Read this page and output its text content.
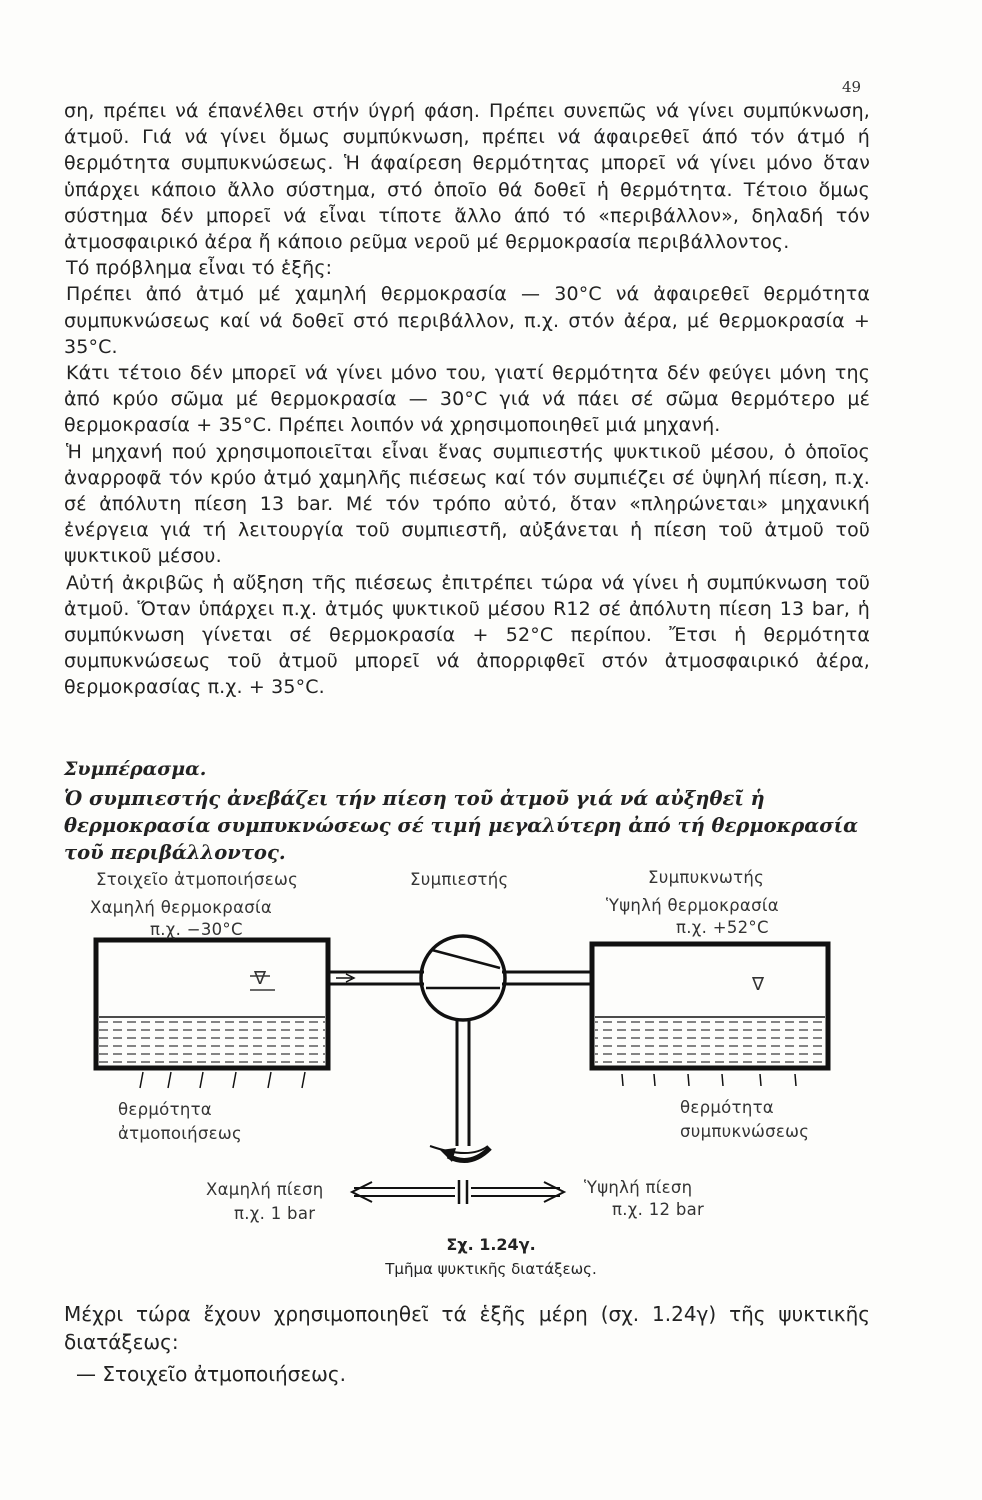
49

ση, πρέπει νά έπανέλθει στήν ύγρή φάση. Πρέπει συνεπῶς νά γίνει συμπύκνωση, άτμοῦ. Γιά νά γίνει ὅμως συμπύκνωση, πρέπει νά άφαιρεθεῖ άπό τόν άτμό ή θερμότητα συμπυκνώσεως. Ἡ άφαίρεση θερμότητας μπορεῖ νά γίνει μόνο ὅταν ὑπάρχει κάποιο ἄλλο σύστημα, στό ὁποῖο θά δοθεῖ ἡ θερμότητα. Τέτοιο ὅμως σύστημα δέν μπορεῖ νά εἶναι τίποτε ἄλλο άπό τό «περιβάλλον», δηλαδή τόν ἀτμοσφαιρικό ἀέρα ἤ κάποιο ρεῦμα νεροῦ μέ θερμοκρασία περιβάλλοντος.

Τό πρόβλημα εἶναι τό ἑξῆς:

Πρέπει ἀπό ἀτμό μέ χαμηλή θερμοκρασία — 30°C νά ἀφαιρεθεῖ θερμότητα συμπυκνώσεως καί νά δοθεῖ στό περιβάλλον, π.χ. στόν ἀέρα, μέ θερμοκρασία + 35°C.

Κάτι τέτοιο δέν μπορεῖ νά γίνει μόνο του, γιατί θερμότητα δέν φεύγει μόνη της ἀπό κρύο σῶμα μέ θερμοκρασία — 30°C γιά νά πάει σέ σῶμα θερμότερο μέ θερμοκρασία + 35°C. Πρέπει λοιπόν νά χρησιμοποιηθεῖ μιά μηχανή.

Ἡ μηχανή πού χρησιμοποιεῖται εἶναι ἕνας συμπιεστής ψυκτικοῦ μέσου, ὁ ὁποῖος ἀναρροφᾶ τόν κρύο ἀτμό χαμηλῆς πιέσεως καί τόν συμπιέζει σέ ὑψηλή πίεση, π.χ. σέ ἀπόλυτη πίεση 13 bar. Μέ τόν τρόπο αὐτό, ὅταν «πληρώνεται» μηχανική ἐνέργεια γιά τή λειτουργία τοῦ συμπιεστῆ, αὐξάνεται ἡ πίεση τοῦ ἀτμοῦ τοῦ ψυκτικοῦ μέσου.

Αὐτή ἀκριβῶς ἡ αὔξηση τῆς πιέσεως ἐπιτρέπει τώρα νά γίνει ἡ συμπύκνωση τοῦ ἀτμοῦ. Ὅταν ὑπάρχει π.χ. ἀτμός ψυκτικοῦ μέσου R12 σέ ἀπόλυτη πίεση 13 bar, ἡ συμπύκνωση γίνεται σέ θερμοκρασία + 52°C περίπου. Ἔτσι ἡ θερμότητα συμπυκνώσεως τοῦ ἀτμοῦ μπορεῖ νά ἀπορριφθεῖ στόν ἀτμοσφαιρικό ἀέρα, θερμοκρασίας π.χ. + 35°C.

Συμπέρασμα.
Ὁ συμπιεστής ἀνεβάζει τήν πίεση τοῦ ἀτμοῦ γιά νά αὐξηθεῖ ἡ θερμοκρασία συμπυκνώσεως σέ τιμή μεγαλύτερη ἀπό τή θερμοκρασία τοῦ περιβάλλοντος.
Στοιχεῖο ἀτμοποιήσεως
Χαμηλή θερμοκρασία
π.χ. −30°C
Συμπιεστής	Συμπυκνωτής
Ὑψηλή θερμοκρασία
π.χ. +52°C
∇	∇
θερμότητα
ἀτμοποιήσεως
θερμότητα
συμπυκνώσεως
Χαμηλή πίεση
π.χ. 1 bar
Ὑψηλή πίεση
π.χ. 12 bar
Σχ. 1.24γ.
Τμῆμα ψυκτικῆς διατάξεως.

Μέχρι τώρα ἔχουν χρησιμοποιηθεῖ τά ἑξῆς μέρη (σχ. 1.24γ) τῆς ψυκτικῆς διατάξεως:

— Στοιχεῖο ἀτμοποιήσεως.
